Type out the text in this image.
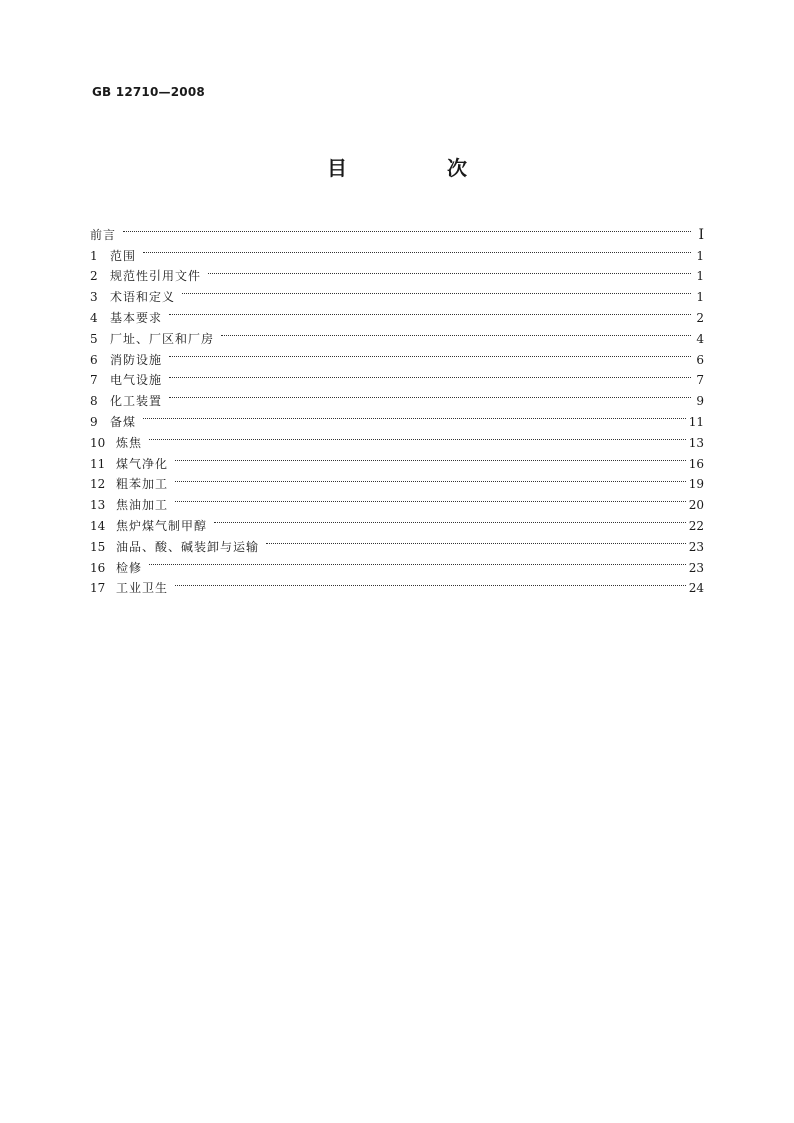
GB 12710—2008
目　次
前言	I
1	范围	1
2	规范性引用文件	1
3	术语和定义	1
4	基本要求	2
5	厂址、厂区和厂房	4
6	消防设施	6
7	电气设施	7
8	化工装置	9
9	备煤	11
10 炼焦	13
11 煤气净化	16
12 粗苯加工	19
13 焦油加工	20
14 焦炉煤气制甲醇	22
15 油品、酸、碱装卸与运输	23
16 检修	23
17 工业卫生	24
